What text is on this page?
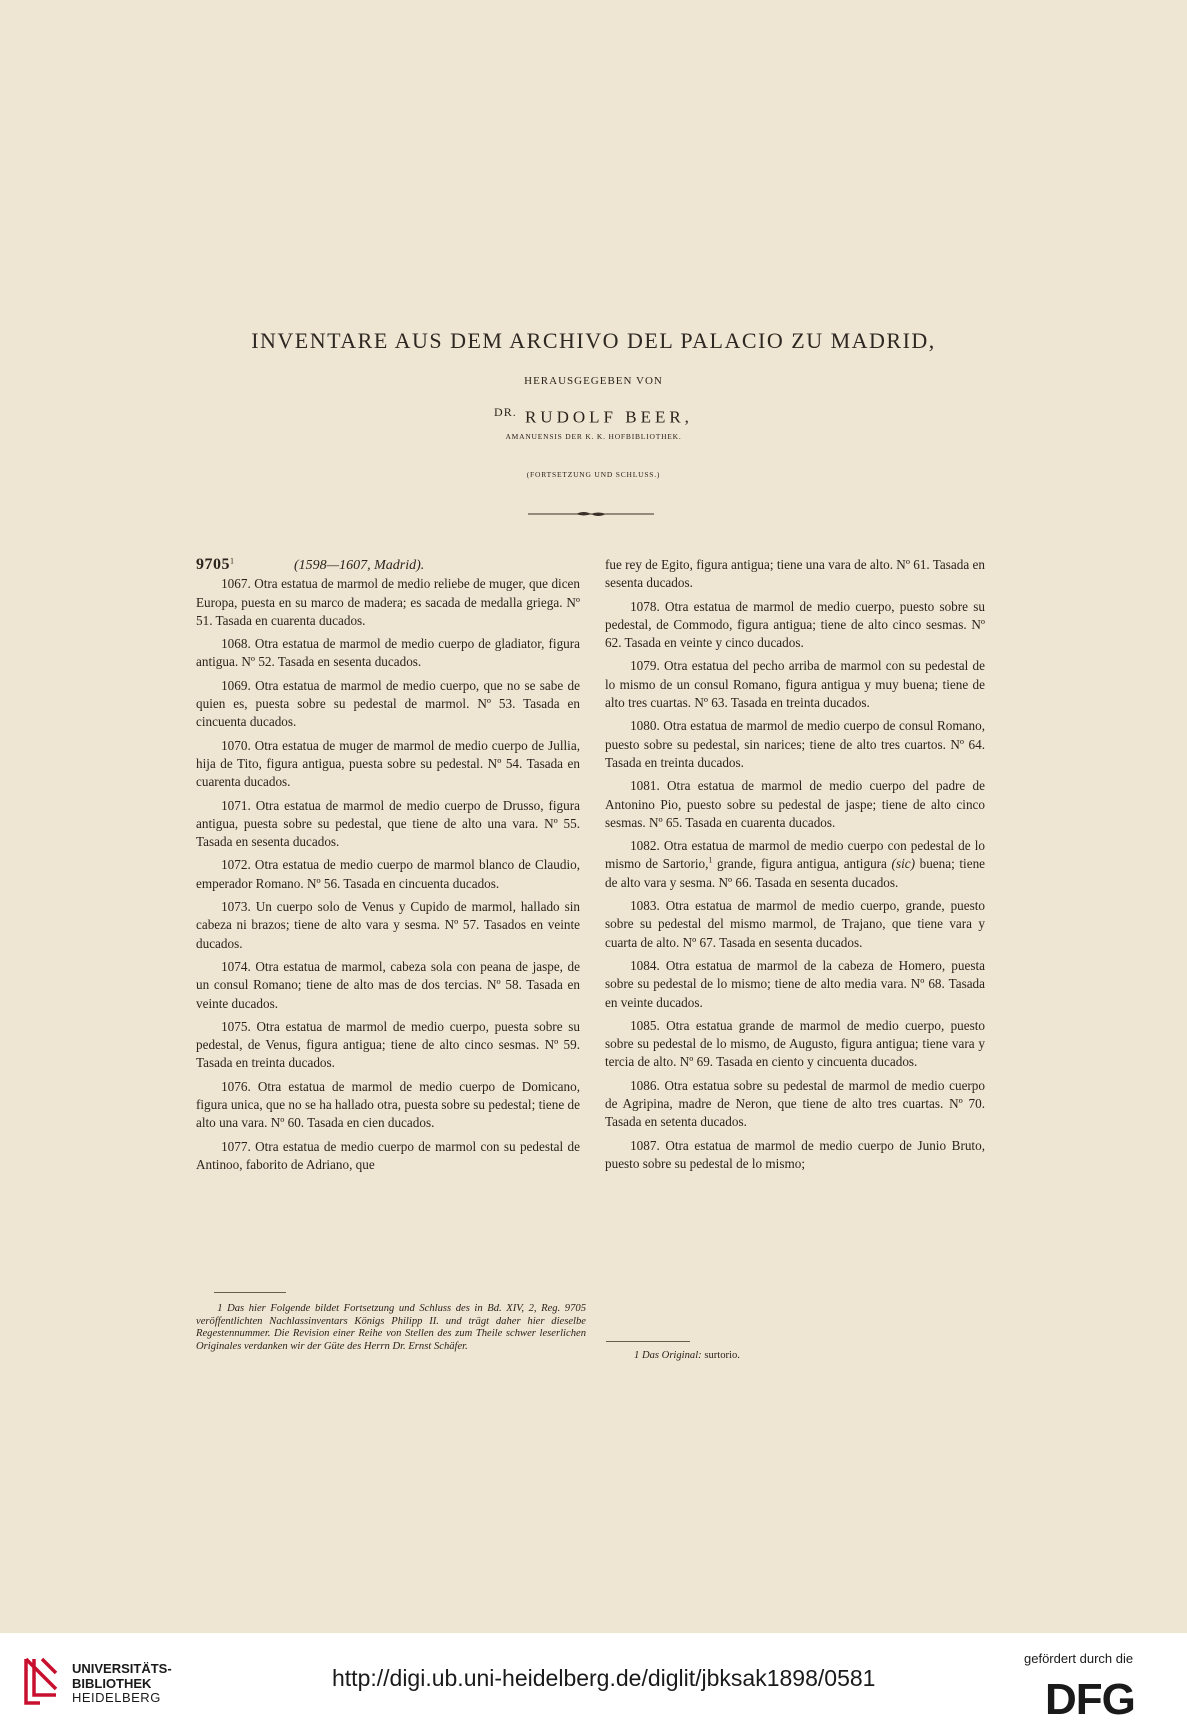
INVENTARE AUS DEM ARCHIVO DEL PALACIO ZU MADRID,
HERAUSGEGEBEN VON
$^{DR.}$ RUDOLF BEER,
AMANUENSIS DER K. K. HOFBIBLIOTHEK.
(FORTSETZUNG UND SCHLUSS.)

9705$^1$	(1598—1607, Madrid).

1067. Otra estatua de marmol de medio reliebe de muger, que dicen Europa, puesta en su marco de madera; es sacada de medalla griega. Nº 51. Tasada en cuarenta ducados.

1068. Otra estatua de marmol de medio cuerpo de gladiator, figura antigua. Nº 52. Tasada en sesenta ducados.

1069. Otra estatua de marmol de medio cuerpo, que no se sabe de quien es, puesta sobre su pedestal de marmol. Nº 53. Tasada en cincuenta ducados.

1070. Otra estatua de muger de marmol de medio cuerpo de Jullia, hija de Tito, figura antigua, puesta sobre su pedestal. Nº 54. Tasada en cuarenta ducados.

1071. Otra estatua de marmol de medio cuerpo de Drusso, figura antigua, puesta sobre su pedestal, que tiene de alto una vara. Nº 55. Tasada en sesenta ducados.

1072. Otra estatua de medio cuerpo de marmol blanco de Claudio, emperador Romano. Nº 56. Tasada en cincuenta ducados.

1073. Un cuerpo solo de Venus y Cupido de marmol, hallado sin cabeza ni brazos; tiene de alto vara y sesma. Nº 57. Tasados en veinte ducados.

1074. Otra estatua de marmol, cabeza sola con peana de jaspe, de un consul Romano; tiene de alto mas de dos tercias. Nº 58. Tasada en veinte ducados.

1075. Otra estatua de marmol de medio cuerpo, puesta sobre su pedestal, de Venus, figura antigua; tiene de alto cinco sesmas. Nº 59. Tasada en treinta ducados.

1076. Otra estatua de marmol de medio cuerpo de Domicano, figura unica, que no se ha hallado otra, puesta sobre su pedestal; tiene de alto una vara. Nº 60. Tasada en cien ducados.

1077. Otra estatua de medio cuerpo de marmol con su pedestal de Antinoo, faborito de Adriano, que

fue rey de Egito, figura antigua; tiene una vara de alto. Nº 61. Tasada en sesenta ducados.

1078. Otra estatua de marmol de medio cuerpo, puesto sobre su pedestal, de Commodo, figura antigua; tiene de alto cinco sesmas. Nº 62. Tasada en veinte y cinco ducados.

1079. Otra estatua del pecho arriba de marmol con su pedestal de lo mismo de un consul Romano, figura antigua y muy buena; tiene de alto tres cuartas. Nº 63. Tasada en treinta ducados.

1080. Otra estatua de marmol de medio cuerpo de consul Romano, puesto sobre su pedestal, sin narices; tiene de alto tres cuartos. Nº 64. Tasada en treinta ducados.

1081. Otra estatua de marmol de medio cuerpo del padre de Antonino Pio, puesto sobre su pedestal de jaspe; tiene de alto cinco sesmas. Nº 65. Tasada en cuarenta ducados.

1082. Otra estatua de marmol de medio cuerpo con pedestal de lo mismo de Sartorio,$^1$ grande, figura antigua, antigura (sic) buena; tiene de alto vara y sesma. Nº 66. Tasada en sesenta ducados.

1083. Otra estatua de marmol de medio cuerpo, grande, puesto sobre su pedestal del mismo marmol, de Trajano, que tiene vara y cuarta de alto. Nº 67. Tasada en sesenta ducados.

1084. Otra estatua de marmol de la cabeza de Homero, puesta sobre su pedestal de lo mismo; tiene de alto media vara. Nº 68. Tasada en veinte ducados.

1085. Otra estatua grande de marmol de medio cuerpo, puesto sobre su pedestal de lo mismo, de Augusto, figura antigua; tiene vara y tercia de alto. Nº 69. Tasada en ciento y cincuenta ducados.

1086. Otra estatua sobre su pedestal de marmol de medio cuerpo de Agripina, madre de Neron, que tiene de alto tres cuartas. Nº 70. Tasada en setenta ducados.

1087. Otra estatua de marmol de medio cuerpo de Junio Bruto, puesto sobre su pedestal de lo mismo;

1 Das hier Folgende bildet Fortsetzung und Schluss des in Bd. XIV, 2, Reg. 9705 veröffentlichten Nachlassinventars Königs Philipp II. und trägt daher hier dieselbe Regestennummer. Die Revision einer Reihe von Stellen des zum Theile schwer leserlichen Originales verdanken wir der Güte des Herrn Dr. Ernst Schäfer.
1 Das Original: surtorio.
UNIVERSITÄTS-
BIBLIOTHEK
HEIDELBERG
http://digi.ub.uni-heidelberg.de/diglit/jbksak1898/0581
gefördert durch die
DFG
